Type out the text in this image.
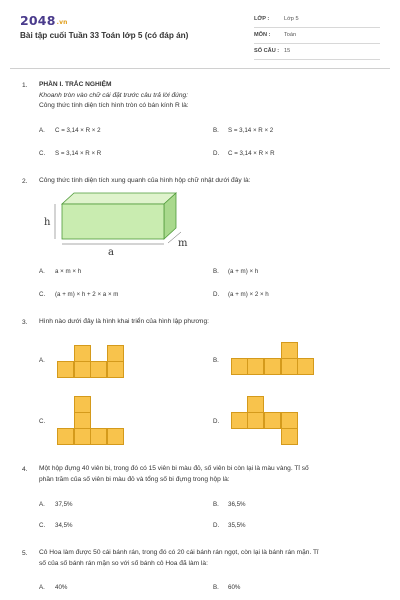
2048.vn
Bài tập cuối Tuần 33 Toán lớp 5 (có đáp án)
LỚP :	Lớp 5
MÔN : Toán
SỐ CÂU : 15
1. PHẦN I. TRẮC NGHIỆM
Khoanh tròn vào chữ cái đặt trước câu trả lời đúng:
Công thức tính diện tích hình tròn có bán kính R là:
A. C = 3,14 × R × 2	B. S = 3,14 × R × 2
C. S = 3,14 × R × R	D. C = 3,14 × R × R
2. Công thức tính diện tích xung quanh của hình hộp chữ nhật dưới đây là:
h
a
m
A. a × m × h	B. (a + m) × h
C. (a + m) × h + 2 × a × m	D. (a + m) × 2 × h
3. Hình nào dưới đây là hình khai triển của hình lập phương:
A.	B.
C.	D.
4. Một hộp đựng 40 viên bi, trong đó có 15 viên bi màu đỏ, số viên bi còn lại là màu vàng. Tỉ số
phần trăm của số viên bi màu đỏ và tổng số bi đựng trong hộp là:
A. 37,5%	B. 36,5%
C. 34,5%	D. 35,5%
5. Cô Hoa làm được 50 cái bánh rán, trong đó có 20 cái bánh rán ngọt, còn lại là bánh rán mặn. Tỉ
số của số bánh rán mặn so với số bánh cô Hoa đã làm là:
A. 40%	B. 60%
